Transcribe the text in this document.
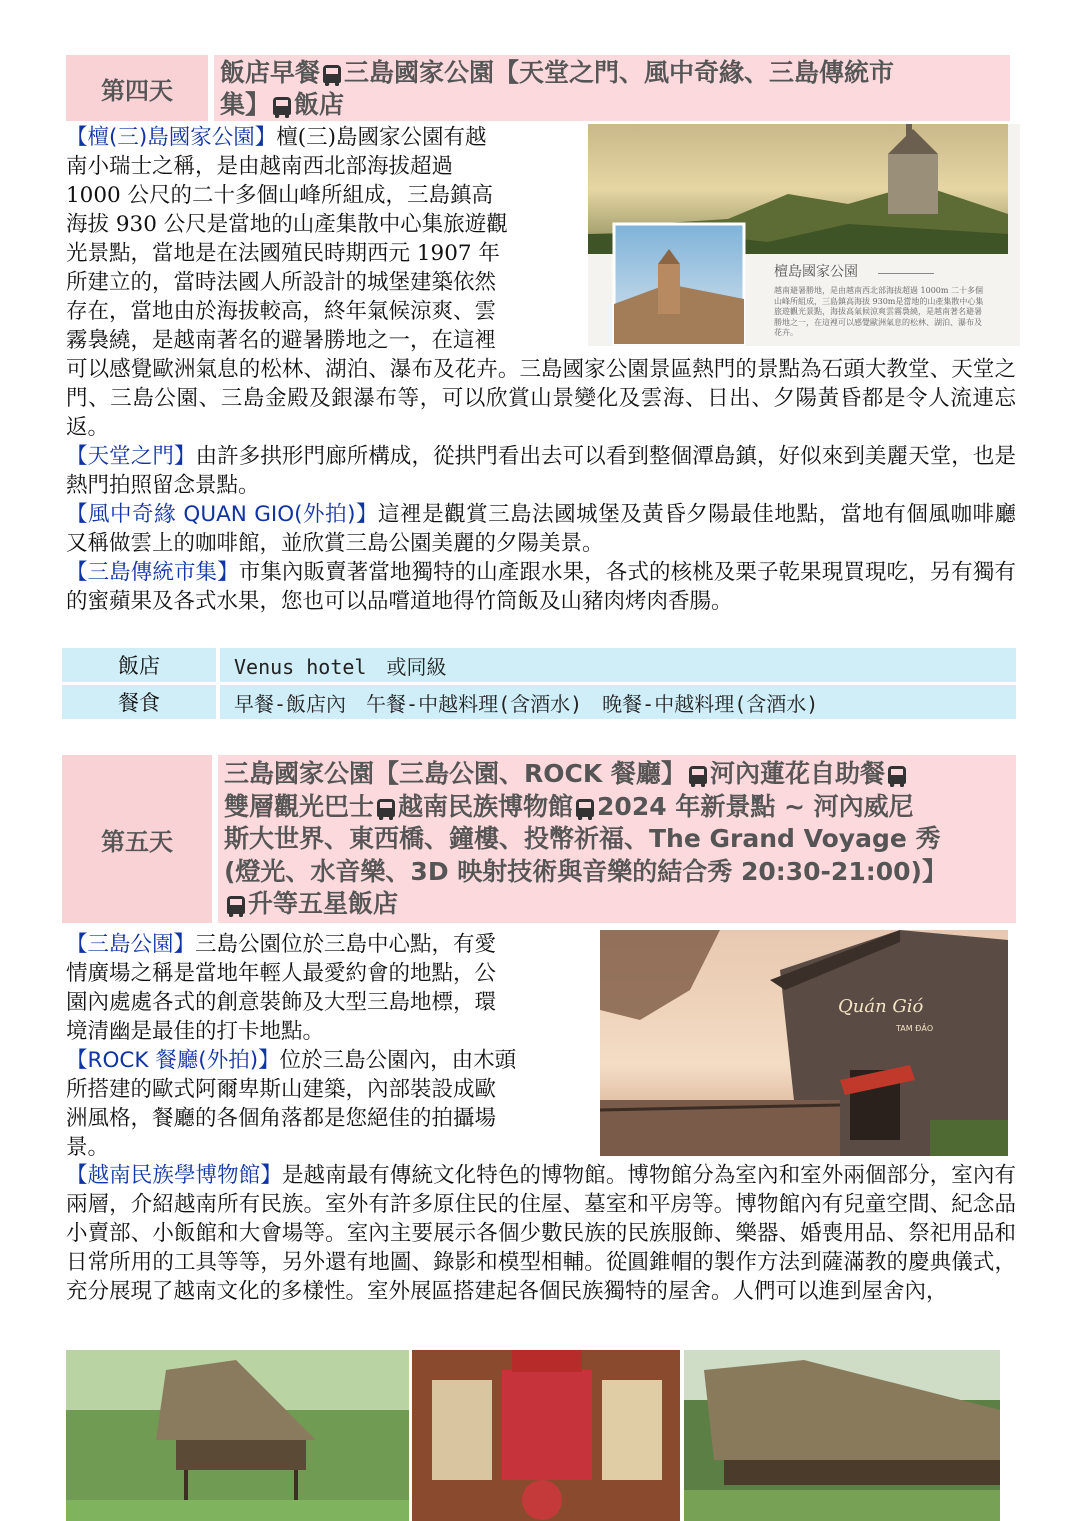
第四天
飯店早餐 三島國家公園【天堂之門、風中奇緣、三島傳統市
集】 飯店
檀島國家公園
越南避暑勝地，是由越南西北部海拔超過 1000m 二十多個山峰所組成，三島鎮高海拔 930m是當地的山產集散中心集旅遊觀光景點，海拔高氣候涼爽雲霧裊繞，是越南著名避暑勝地之一，在這裡可以感覺歐洲氣息的松林、湖泊、瀑布及花卉。
【檀(三)島國家公園】檀(三)島國家公園有越
南小瑞士之稱，是由越南西北部海拔超過
1000 公尺的二十多個山峰所組成，三島鎮高
海拔 930 公尺是當地的山產集散中心集旅遊觀
光景點，當地是在法國殖民時期西元 1907 年
所建立的，當時法國人所設計的城堡建築依然
存在，當地由於海拔較高，終年氣候涼爽、雲
霧裊繞，是越南著名的避暑勝地之一，在這裡
可以感覺歐洲氣息的松林、湖泊、瀑布及花卉。三島國家公園景區熱門的景點為石頭大教堂、天堂之門、三島公園、三島金殿及銀瀑布等，可以欣賞山景變化及雲海、日出、夕陽黃昏都是令人流連忘返。
【天堂之門】由許多拱形門廊所構成，從拱門看出去可以看到整個潭島鎮，好似來到美麗天堂，也是熱門拍照留念景點。
【風中奇緣 QUAN GIO(外拍)】這裡是觀賞三島法國城堡及黃昏夕陽最佳地點，當地有個風咖啡廳又稱做雲上的咖啡館，並欣賞三島公園美麗的夕陽美景。
【三島傳統市集】市集內販賣著當地獨特的山產跟水果，各式的核桃及栗子乾果現買現吃，另有獨有的蜜蘋果及各式水果，您也可以品嚐道地得竹筒飯及山豬肉烤肉香腸。
飯店	Venus hotel　或同級
餐食	早餐-飯店內　午餐-中越料理(含酒水)　晚餐-中越料理(含酒水)
第五天
三島國家公園【三島公園、ROCK 餐廳】 河內蓮花自助餐
雙層觀光巴士 越南民族博物館 2024 年新景點 ~ 河內威尼
斯大世界、東西橋、鐘樓、投幣祈福、The Grand Voyage 秀
(燈光、水音樂、3D 映射技術與音樂的結合秀 20:30-21:00)】
升等五星飯店
Quán Gió
TAM ĐẢO
【三島公園】三島公園位於三島中心點，有愛
情廣場之稱是當地年輕人最愛約會的地點，公
園內處處各式的創意裝飾及大型三島地標，環
境清幽是最佳的打卡地點。
【ROCK 餐廳(外拍)】位於三島公園內，由木頭
所搭建的歐式阿爾卑斯山建築，內部裝設成歐
洲風格，餐廳的各個角落都是您絕佳的拍攝場
景。
【越南民族學博物館】是越南最有傳統文化特色的博物館。博物館分為室內和室外兩個部分，室內有兩層，介紹越南所有民族。室外有許多原住民的住屋、墓室和平房等。博物館內有兒童空間、紀念品小賣部、小飯館和大會場等。室內主要展示各個少數民族的民族服飾、樂器、婚喪用品、祭祀用品和日常所用的工具等等，另外還有地圖、錄影和模型相輔。從圓錐帽的製作方法到薩滿教的慶典儀式，充分展現了越南文化的多樣性。室外展區搭建起各個民族獨特的屋舍。人們可以進到屋舍內，
